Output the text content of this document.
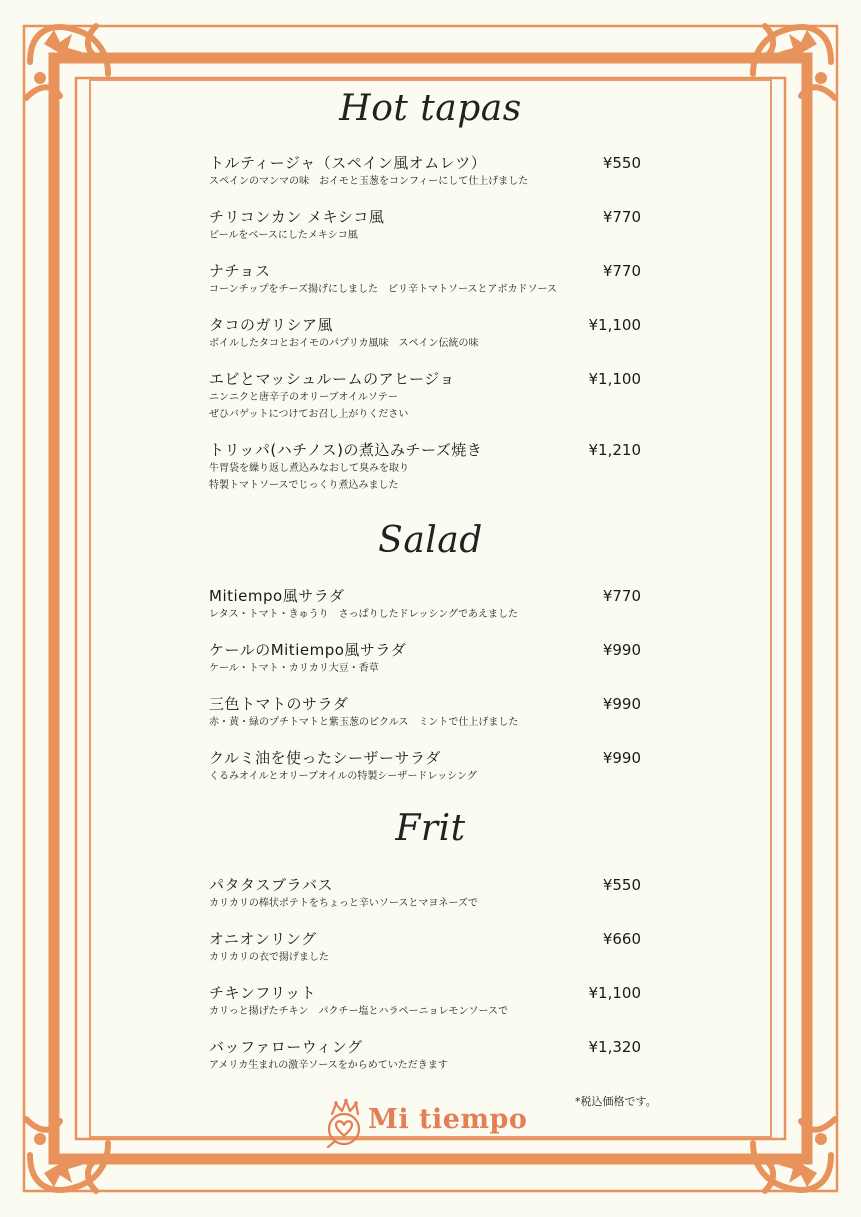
Hot tapas
トルティージャ（スペイン風オムレツ）	¥550
スペインのマンマの味　おイモと玉葱をコンフィーにして仕上げました
チリコンカン メキシコ風	¥770
ビールをベースにしたメキシコ風
ナチョス	¥770
コーンチップをチーズ揚げにしました　ピリ辛トマトソースとアボカドソース
タコのガリシア風	¥1,100
ボイルしたタコとおイモのパプリカ風味　スペイン伝統の味
エビとマッシュルームのアヒージョ	¥1,100
ニンニクと唐辛子のオリーブオイルソテー
ぜひバゲットにつけてお召し上がりください
トリッパ(ハチノス)の煮込みチーズ焼き	¥1,210
牛胃袋を繰り返し煮込みなおして臭みを取り
特製トマトソースでじっくり煮込みました
Salad
Mitiempo風サラダ	¥770
レタス・トマト・きゅうり　さっぱりしたドレッシングであえました
ケールのMitiempo風サラダ	¥990
ケール・トマト・カリカリ大豆・香草
三色トマトのサラダ	¥990
赤・黄・緑のプチトマトと紫玉葱のピクルス　ミントで仕上げました
クルミ油を使ったシーザーサラダ	¥990
くるみオイルとオリーブオイルの特製シーザードレッシング
Frit
パタタスブラバス	¥550
カリカリの棒状ポテトをちょっと辛いソースとマヨネーズで
オニオンリング	¥660
カリカリの衣で揚げました
チキンフリット	¥1,100
カリっと揚げたチキン　パクチー塩とハラペーニョレモンソースで
バッファローウィング	¥1,320
アメリカ生まれの激辛ソースをからめていただきます
*税込価格です。
Mi tiempo
